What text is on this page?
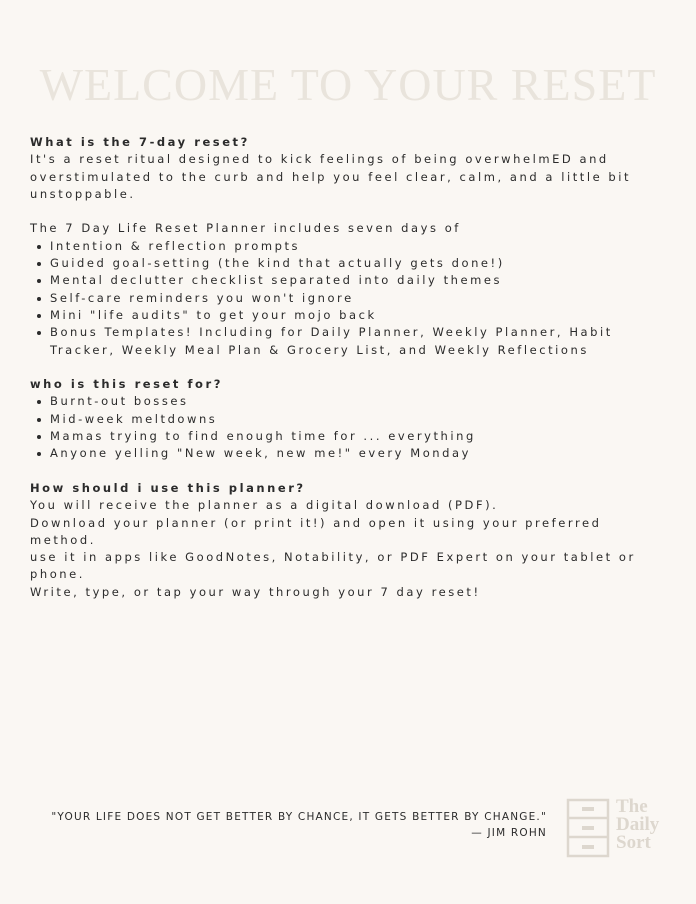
WELCOME TO YOUR RESET

What is the 7-day reset?

It's a reset ritual designed to kick feelings of being overwhelmED and overstimulated to the curb and help you feel clear, calm, and a little bit unstoppable.

The 7 Day Life Reset Planner includes seven days of

Intention & reflection prompts
Guided goal-setting (the kind that actually gets done!)
Mental declutter checklist separated into daily themes
Self-care reminders you won't ignore
Mini "life audits" to get your mojo back
Bonus Templates! Including for Daily Planner, Weekly Planner, Habit Tracker, Weekly Meal Plan & Grocery List, and Weekly Reflections

who is this reset for?

Burnt-out bosses
Mid-week meltdowns
Mamas trying to find enough time for ... everything
Anyone yelling "New week, new me!" every Monday

How should i use this planner?

You will receive the planner as a digital download (PDF).

Download your planner (or print it!) and open it using your preferred method.

use it in apps like GoodNotes, Notability, or PDF Expert on your tablet or phone.

Write, type, or tap your way through your 7 day reset!

"YOUR LIFE DOES NOT GET BETTER BY CHANCE, IT GETS BETTER BY CHANGE."
— JIM ROHN
The
Daily
Sort
